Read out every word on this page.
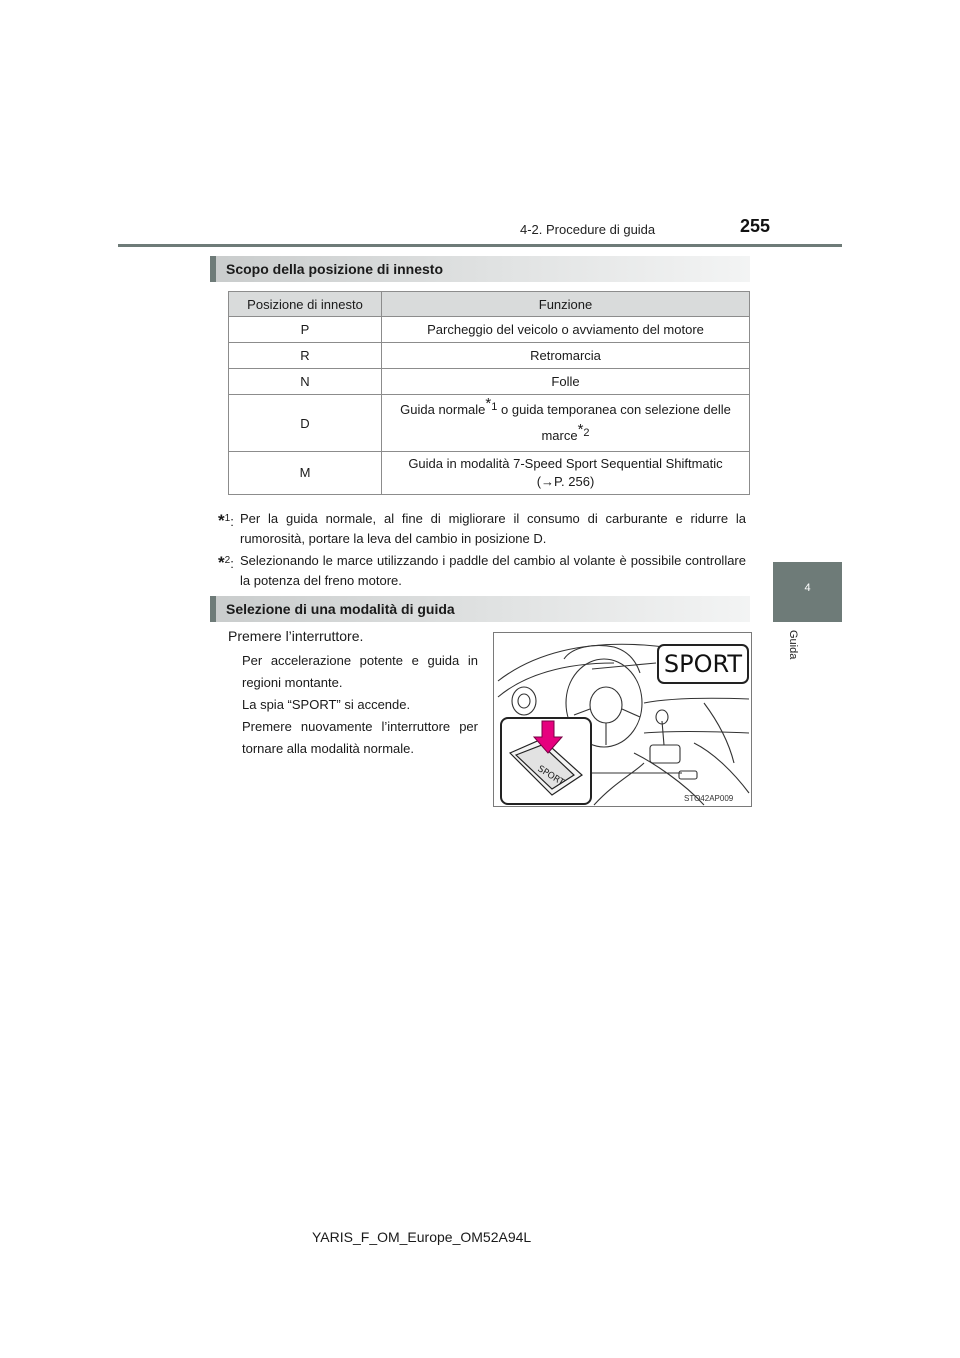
4-2. Procedure di guida	255
4
Guida
Scopo della posizione di innesto
Posizione di innesto	Funzione
P	Parcheggio del veicolo o avviamento del motore
R	Retromarcia
N	Folle
D	Guida normale$^{*1}$ o guida temporanea con selezione delle
marce$^{*2}$

M	Guida in modalità 7-Speed Sport Sequential Shiftmatic
(→P. 256)
*$^1$: Per la guida normale, al fine di migliorare il consumo di carburante e ridurre la rumorosità, portare la leva del cambio in posizione D.
*$^2$: Selezionando le marce utilizzando i paddle del cambio al volante è possibile controllare la potenza del freno motore.
Selezione di una modalità di guida
Premere l’interruttore.
Per accelerazione potente e guida in regioni montante.
La spia “SPORT” si accende.
Premere nuovamente l’interruttore per tornare alla modalità normale.
SPORT
SPORT
STO42AP009
YARIS_F_OM_Europe_OM52A94L
